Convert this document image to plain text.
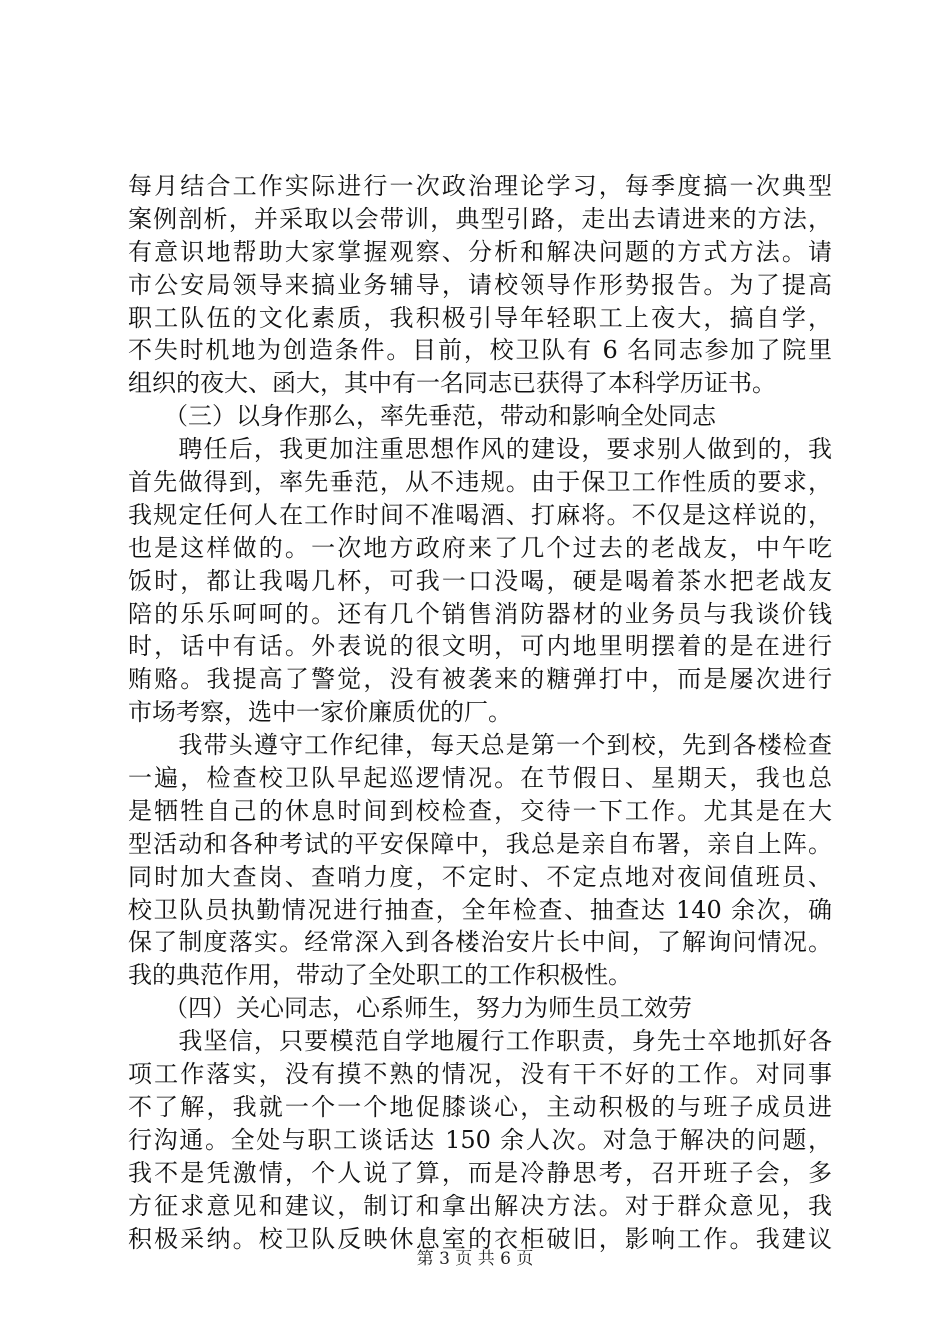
每月结合工作实际进行一次政治理论学习，每季度搞一次典型
案例剖析，并采取以会带训，典型引路，走出去请进来的方法，
有意识地帮助大家掌握观察、分析和解决问题的方式方法。请
市公安局领导来搞业务辅导，请校领导作形势报告。为了提高
职工队伍的文化素质，我积极引导年轻职工上夜大，搞自学，
不失时机地为创造条件。目前，校卫队有 6 名同志参加了院里
组织的夜大、函大，其中有一名同志已获得了本科学历证书。
　　（三）以身作那么，率先垂范，带动和影响全处同志
　　聘任后，我更加注重思想作风的建设，要求别人做到的，我
首先做得到，率先垂范，从不违规。由于保卫工作性质的要求，
我规定任何人在工作时间不准喝酒、打麻将。不仅是这样说的，
也是这样做的。一次地方政府来了几个过去的老战友，中午吃
饭时，都让我喝几杯，可我一口没喝，硬是喝着茶水把老战友
陪的乐乐呵呵的。还有几个销售消防器材的业务员与我谈价钱
时，话中有话。外表说的很文明，可内地里明摆着的是在进行
贿赂。我提高了警觉，没有被袭来的糖弹打中，而是屡次进行
市场考察，选中一家价廉质优的厂。
　　我带头遵守工作纪律，每天总是第一个到校，先到各楼检查
一遍，检查校卫队早起巡逻情况。在节假日、星期天，我也总
是牺牲自己的休息时间到校检查，交待一下工作。尤其是在大
型活动和各种考试的平安保障中，我总是亲自布署，亲自上阵。
同时加大查岗、查哨力度，不定时、不定点地对夜间值班员、
校卫队员执勤情况进行抽查，全年检查、抽查达 140 余次，确
保了制度落实。经常深入到各楼治安片长中间，了解询问情况。
我的典范作用，带动了全处职工的工作积极性。
　　（四）关心同志，心系师生，努力为师生员工效劳
　　我坚信，只要模范自学地履行工作职责，身先士卒地抓好各
项工作落实，没有摸不熟的情况，没有干不好的工作。对同事
不了解，我就一个一个地促膝谈心，主动积极的与班子成员进
行沟通。全处与职工谈话达 150 余人次。对急于解决的问题，
我不是凭激情，个人说了算，而是冷静思考，召开班子会，多
方征求意见和建议，制订和拿出解决方法。对于群众意见，我
积极采纳。校卫队反映休息室的衣柜破旧，影响工作。我建议
第 3 页 共 6 页
